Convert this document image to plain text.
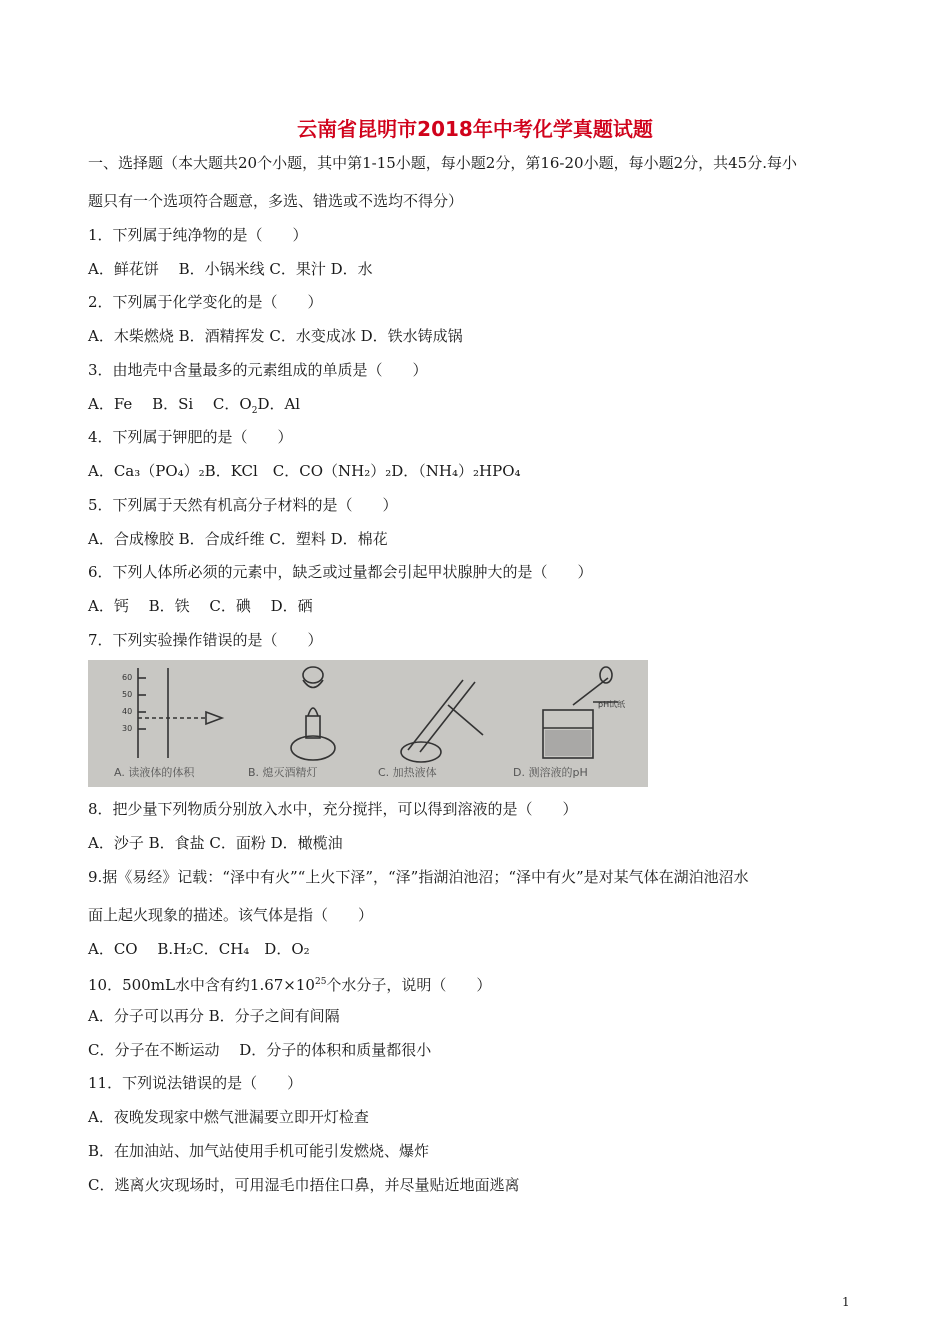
云南省昆明市2018年中考化学真题试题
一、选择题（本大题共20个小题，其中第1-15小题，每小题2分，第16-20小题，每小题2分，共45分.每小
题只有一个选项符合题意，多选、错选或不选均不得分）
1．下列属于纯净物的是（　　）
A．鲜花饼　 B．小锅米线 C．果汁 D．水
2．下列属于化学变化的是（　　）
A．木柴燃烧 B．酒精挥发 C．水变成冰 D．铁水铸成锅
3．由地壳中含量最多的元素组成的单质是（　　）
A．Fe　 B．Si　 C．$O_2D$．Al
4．下列属于钾肥的是（　　）
A．Ca₃（PO₄）₂B．KCl　C．CO（NH₂）₂D．（NH₄）₂HPO₄
5．下列属于天然有机高分子材料的是（　　）
A．合成橡胶 B．合成纤维 C．塑料 D．棉花
6．下列人体所必须的元素中，缺乏或过量都会引起甲状腺肿大的是（　　）
A．钙　 B．铁　 C．碘　 D．硒
7．下列实验操作错误的是（　　）
60
50
40
30
pH试纸
A. 读液体的体积	B. 熄灭酒精灯	C. 加热液体	D. 测溶液的pH
8．把少量下列物质分别放入水中，充分搅拌，可以得到溶液的是（　　）
A．沙子 B．食盐 C．面粉 D．橄榄油
9.据《易经》记载：“泽中有火”“上火下泽”，“泽”指湖泊池沼；“泽中有火”是对某气体在湖泊池沼水
面上起火现象的描述。该气体是指（　　）
A．CO　 B.H₂C．CH₄　D．O₂
10．500mL水中含有约$1.67\times 10^{25}$个水分子，说明（　　）
A．分子可以再分 B．分子之间有间隔
C．分子在不断运动　 D．分子的体积和质量都很小
11．下列说法错误的是（　　）
A．夜晚发现家中燃气泄漏要立即开灯检查
B．在加油站、加气站使用手机可能引发燃烧、爆炸
C．逃离火灾现场时，可用湿毛巾捂住口鼻，并尽量贴近地面逃离
1
